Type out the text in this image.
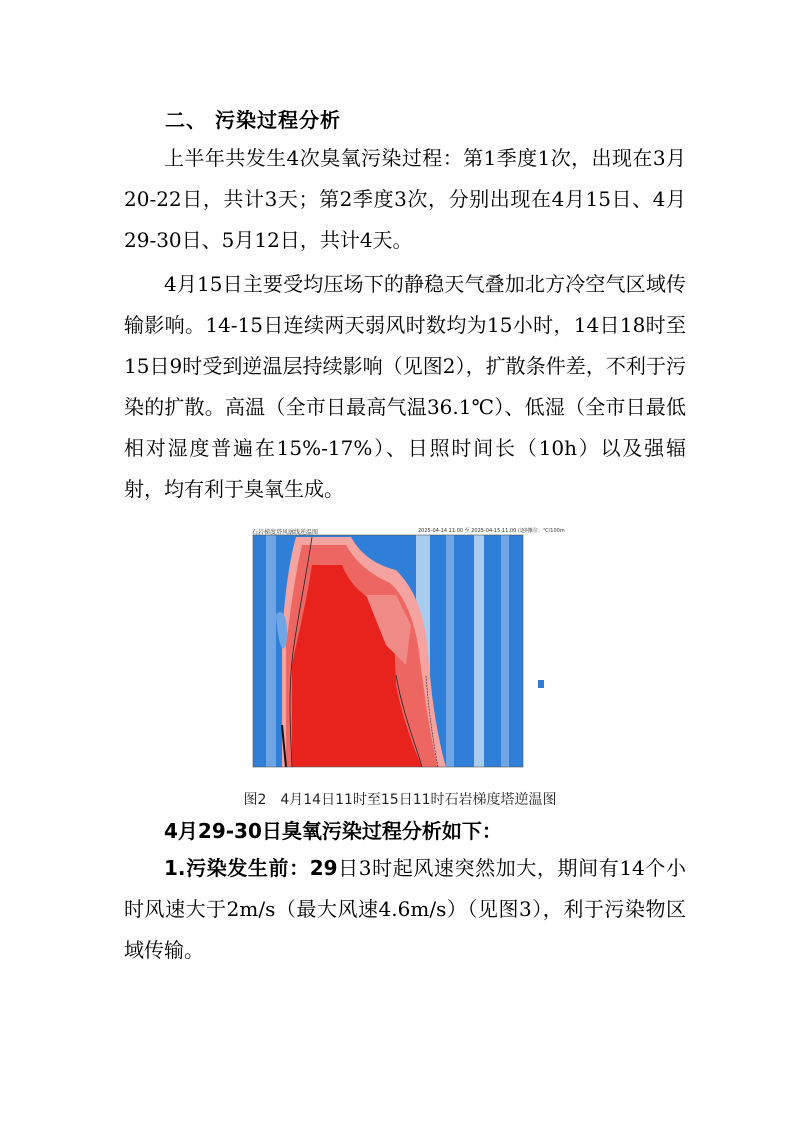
二、 污染过程分析

上半年共发生4次臭氧污染过程：第1季度1次，出现在3月20-22日，共计3天；第2季度3次，分别出现在4月15日、4月29-30日、5月12日，共计4天。

4月15日主要受均压场下的静稳天气叠加北方冷空气区域传输影响。14-15日连续两天弱风时数均为15小时，14日18时至15日9时受到逆温层持续影响（见图2），扩散条件差，不利于污染的扩散。高温（全市日最高气温36.1℃）、低湿（全市日最低相对湿度普遍在15%-17%）、日照时间长（10h）以及强辐射，均有利于臭氧生成。

石岩梯度塔风廓线逆温图	2025-04-14 11:00 至 2025-04-15 11:00 (逐时)
单位：℃/100m
图2　4月14日11时至15日11时石岩梯度塔逆温图
4月29-30日臭氧污染过程分析如下：

1.污染发生前：29日3时起风速突然加大，期间有14个小时风速大于2m/s（最大风速4.6m/s）（见图3），利于污染物区域传输。
